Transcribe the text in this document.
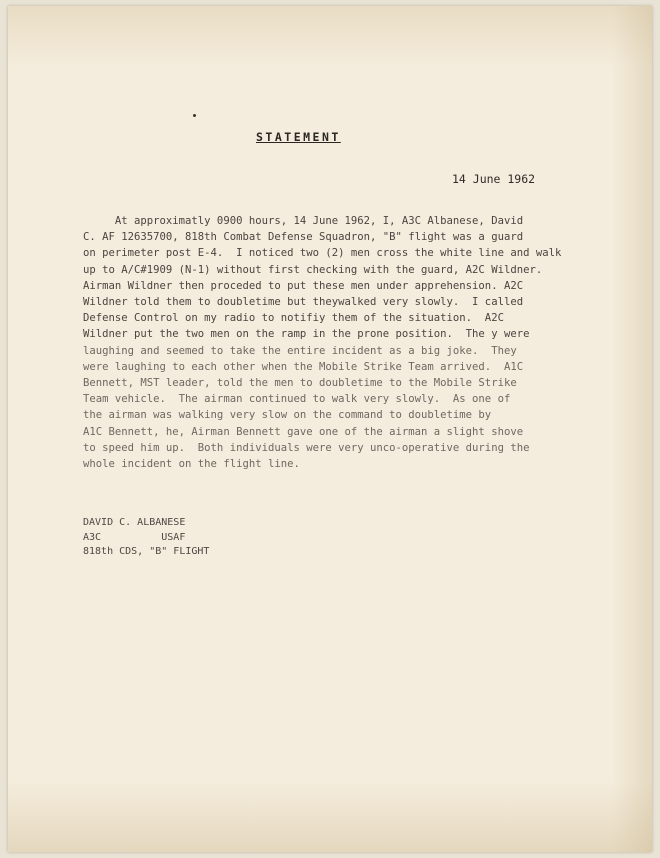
STATEMENT
14 June 1962
At approximatly 0900 hours, 14 June 1962, I, A3C Albanese, David
C. AF 12635700, 818th Combat Defense Squadron, "B" flight was a guard
on perimeter post E-4.  I noticed two (2) men cross the white line and walk
up to A/C#1909 (N-1) without first checking with the guard, A2C Wildner.
Airman Wildner then proceded to put these men under apprehension. A2C
Wildner told them to doubletime but theywalked very slowly.  I called
Defense Control on my radio to notifiy them of the situation.  A2C
Wildner put the two men on the ramp in the prone position.  The y were
laughing and seemed to take the entire incident as a big joke.  They
were laughing to each other when the Mobile Strike Team arrived.  A1C
Bennett, MST leader, told the men to doubletime to the Mobile Strike
Team vehicle.  The airman continued to walk very slowly.  As one of
the airman was walking very slow on the command to doubletime by
A1C Bennett, he, Airman Bennett gave one of the airman a slight shove
to speed him up.  Both individuals were very unco-operative during the
whole incident on the flight line.
DAVID C. ALBANESE
A3C          USAF
818th CDS, "B" FLIGHT
